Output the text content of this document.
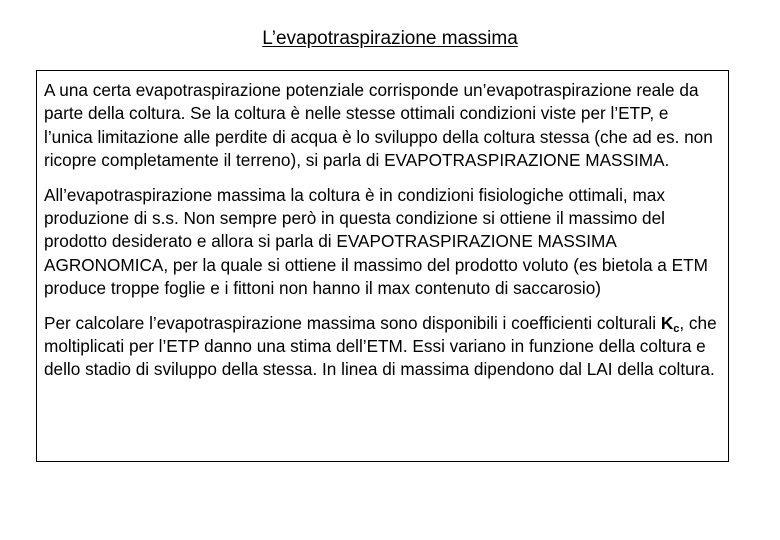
L’evapotraspirazione massima

A una certa evapotraspirazione potenziale corrisponde un’evapotraspirazione reale da parte della coltura. Se la coltura è nelle stesse ottimali condizioni viste per l’ETP, e l’unica limitazione alle perdite di acqua è lo sviluppo della coltura stessa (che ad es. non ricopre completamente il terreno), si parla di EVAPOTRASPIRAZIONE MASSIMA.

All’evapotraspirazione massima la coltura è in condizioni fisiologiche ottimali, max produzione di s.s. Non sempre però in questa condizione si ottiene il massimo del prodotto desiderato e allora si parla di EVAPOTRASPIRAZIONE MASSIMA AGRONOMICA, per la quale si ottiene il massimo del prodotto voluto (es bietola a ETM produce troppe foglie e i fittoni non hanno il max contenuto di saccarosio)

Per calcolare l’evapotraspirazione massima sono disponibili i coefficienti colturali Kc, che moltiplicati per l’ETP danno una stima dell’ETM. Essi variano in funzione della coltura e dello stadio di sviluppo della stessa. In linea di massima dipendono dal LAI della coltura.
